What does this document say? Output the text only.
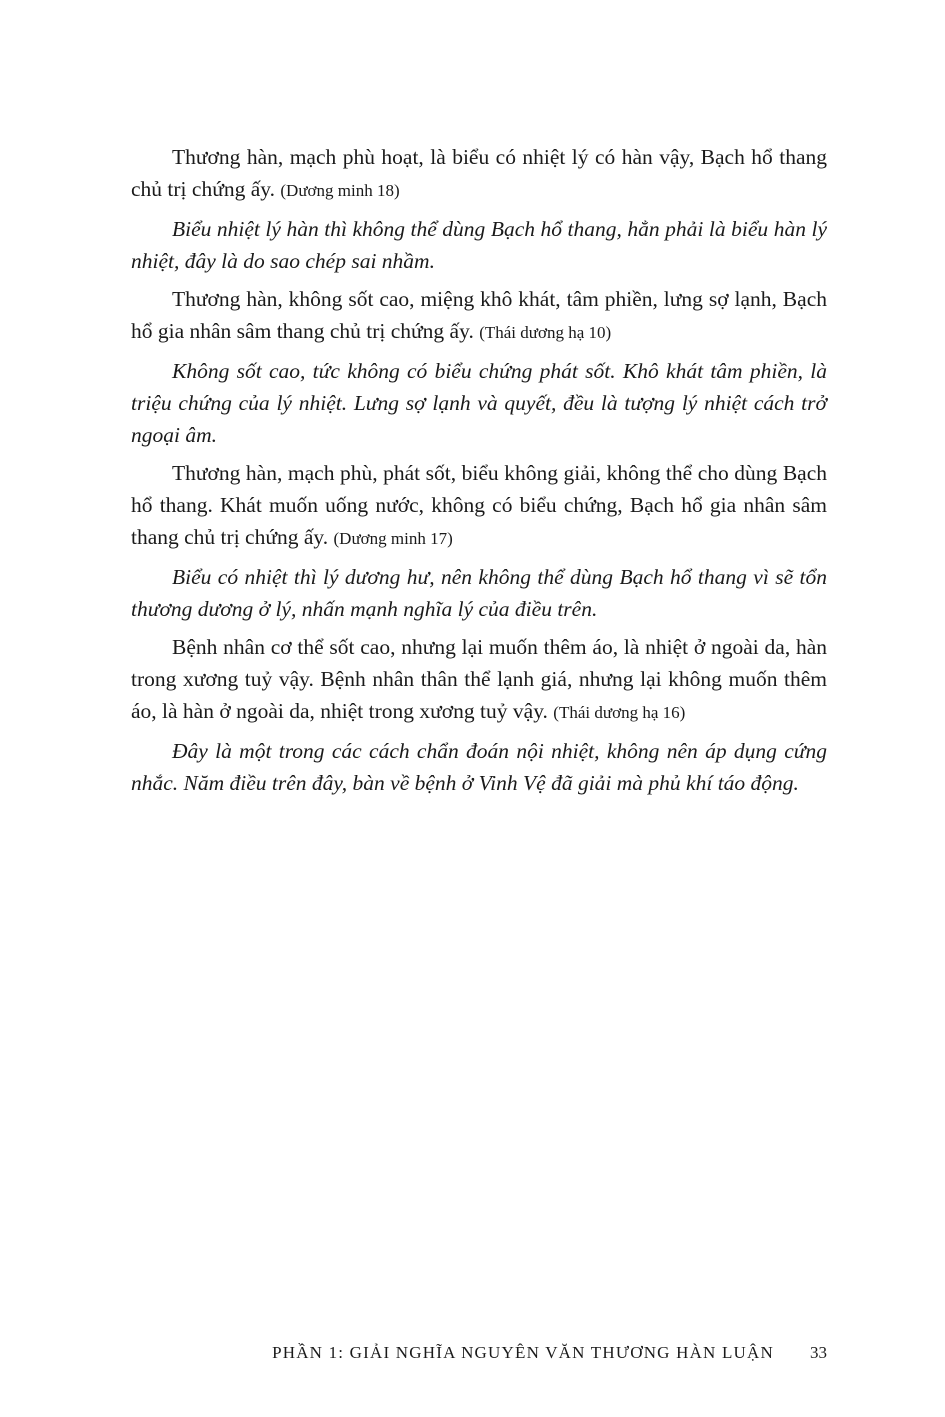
Thương hàn, mạch phù hoạt, là biểu có nhiệt lý có hàn vậy, Bạch hổ thang chủ trị chứng ấy. (Dương minh 18)

Biểu nhiệt lý hàn thì không thể dùng Bạch hổ thang, hẳn phải là biểu hàn lý nhiệt, đây là do sao chép sai nhầm.

Thương hàn, không sốt cao, miệng khô khát, tâm phiền, lưng sợ lạnh, Bạch hổ gia nhân sâm thang chủ trị chứng ấy. (Thái dương hạ 10)

Không sốt cao, tức không có biểu chứng phát sốt. Khô khát tâm phiền, là triệu chứng của lý nhiệt. Lưng sợ lạnh và quyết, đều là tượng lý nhiệt cách trở ngoại âm.

Thương hàn, mạch phù, phát sốt, biểu không giải, không thể cho dùng Bạch hổ thang. Khát muốn uống nước, không có biểu chứng, Bạch hổ gia nhân sâm thang chủ trị chứng ấy. (Dương minh 17)

Biểu có nhiệt thì lý dương hư, nên không thể dùng Bạch hổ thang vì sẽ tổn thương dương ở lý, nhấn mạnh nghĩa lý của điều trên.

Bệnh nhân cơ thể sốt cao, nhưng lại muốn thêm áo, là nhiệt ở ngoài da, hàn trong xương tuỷ vậy. Bệnh nhân thân thể lạnh giá, nhưng lại không muốn thêm áo, là hàn ở ngoài da, nhiệt trong xương tuỷ vậy. (Thái dương hạ 16)

Đây là một trong các cách chẩn đoán nội nhiệt, không nên áp dụng cứng nhắc. Năm điều trên đây, bàn về bệnh ở Vinh Vệ đã giải mà phủ khí táo động.

PHẦN 1: GIẢI NGHĨA NGUYÊN VĂN THƯƠNG HÀN LUẬN 33
